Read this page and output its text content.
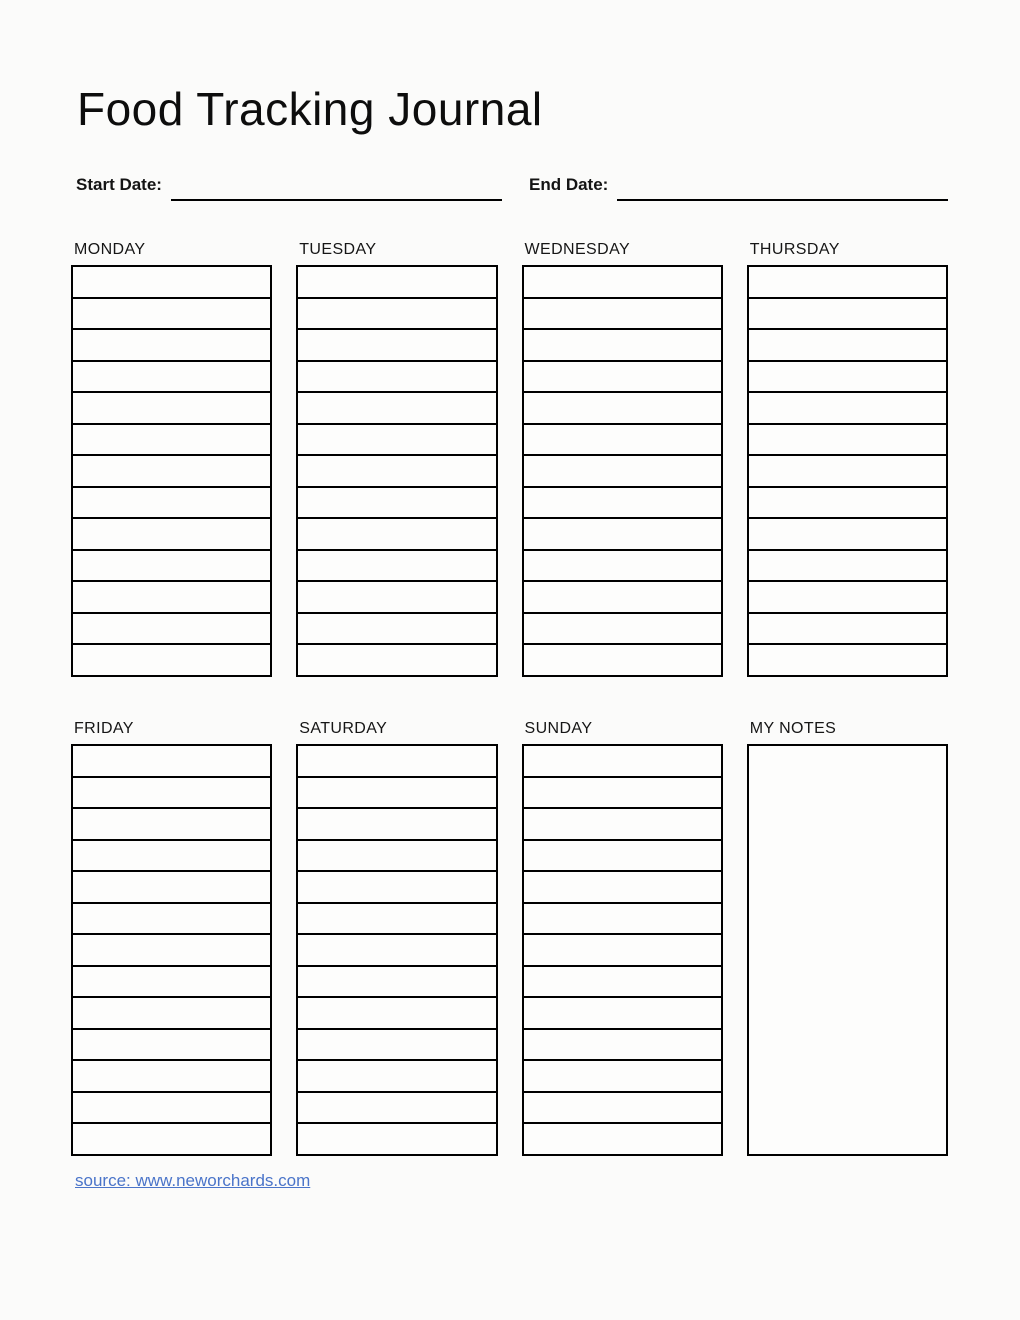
Food Tracking Journal
Start Date:	End Date:
MONDAY	TUESDAY	WEDNESDAY	THURSDAY
FRIDAY	SATURDAY	SUNDAY	MY NOTES
source: www.neworchards.com
